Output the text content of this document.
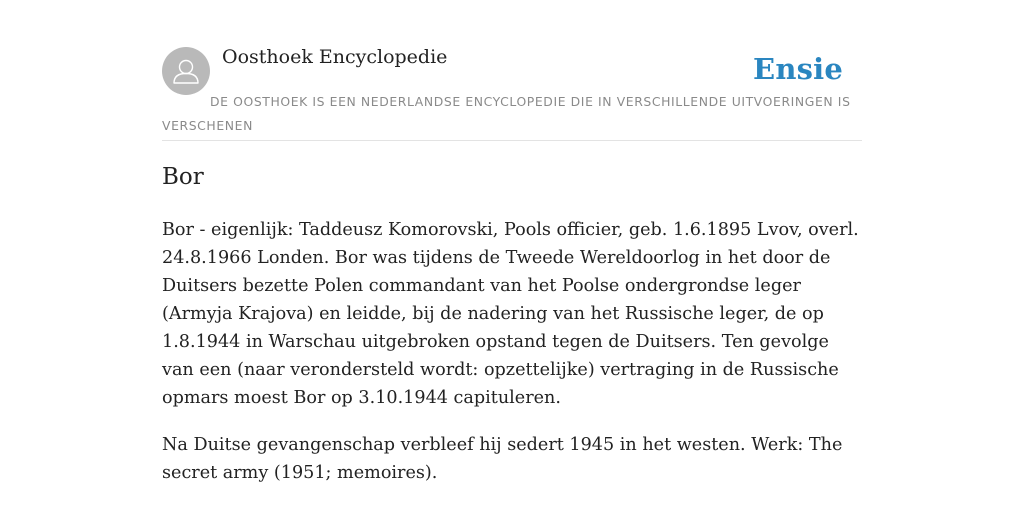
Oosthoek Encyclopedie	Ensie
DE OOSTHOEK IS EEN NEDERLANDSE ENCYCLOPEDIE DIE IN VERSCHILLENDE UITVOERINGEN IS VERSCHENEN
Bor

Bor - eigenlijk: Taddeusz Komorovski, Pools officier, geb. 1.6.1895 Lvov, overl. 24.8.1966 Londen. Bor was tijdens de Tweede Wereldoorlog in het door de Duitsers bezette Polen commandant van het Poolse ondergrondse leger (Armyja Krajova) en leidde, bij de nadering van het Russische leger, de op 1.8.1944 in Warschau uitgebroken opstand tegen de Duitsers. Ten gevolge van een (naar verondersteld wordt: opzettelijke) vertraging in de Russische opmars moest Bor op 3.10.1944 capituleren.

Na Duitse gevangenschap verbleef hij sedert 1945 in het westen. Werk: The secret army (1951; memoires).
